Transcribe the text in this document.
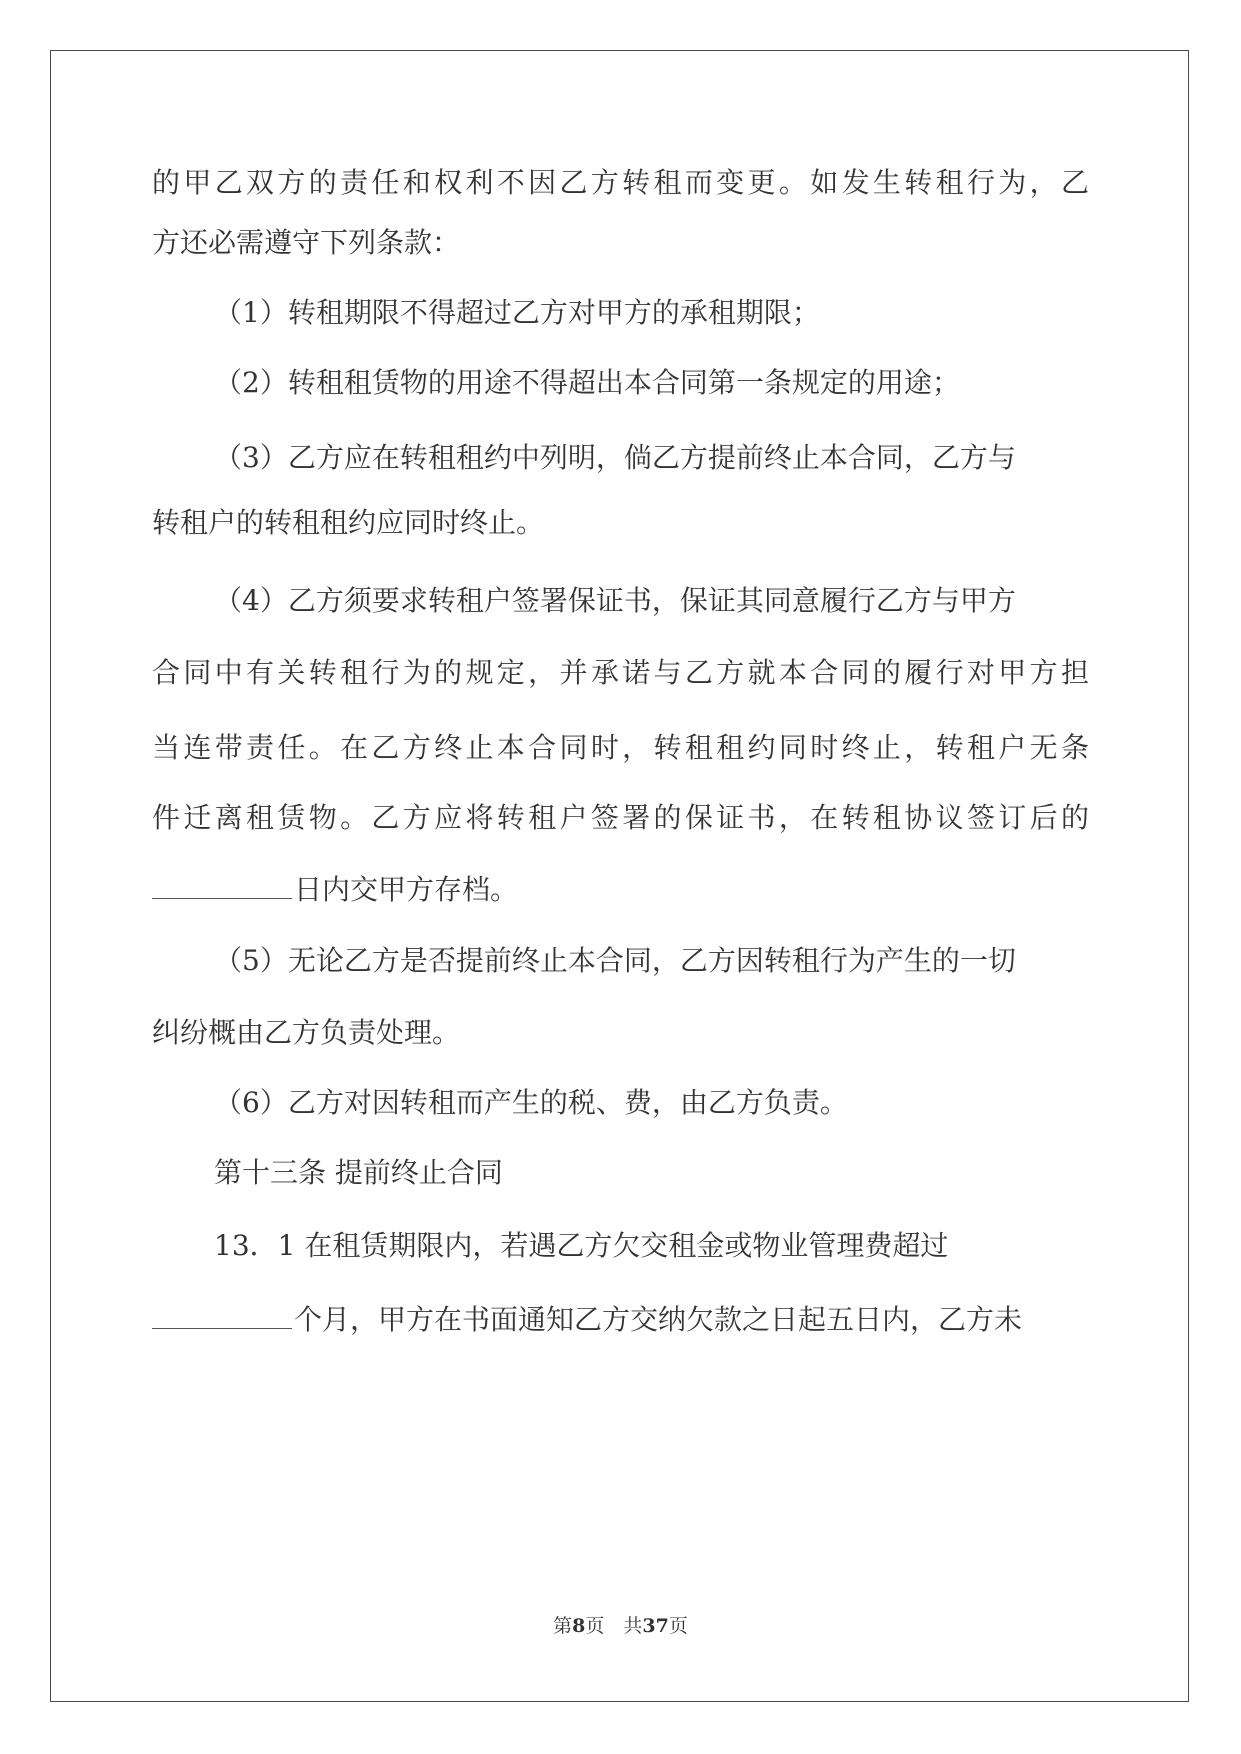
的 甲 乙 双 方 的 责 任 和 权 利 不 因 乙 方 转 租 而 变 更 。 如 发 生 转 租 行 为 ， 乙
方还必需遵守下列条款：
（1）转租期限不得超过乙方对甲方的承租期限；
（2）转租租赁物的用途不得超出本合同第一条规定的用途；
（3）乙方应在转租租约中列明，倘乙方提前终止本合同，乙方与
转租户的转租租约应同时终止。
（4）乙方须要求转租户签署保证书，保证其同意履行乙方与甲方
合 同 中 有 关 转 租 行 为 的 规 定 ， 并 承 诺 与 乙 方 就 本 合 同 的 履 行 对 甲 方 担
当 连 带 责 任 。 在 乙 方 终 止 本 合 同 时 ， 转 租 租 约 同 时 终 止 ， 转 租 户 无 条
件 迁 离 租 赁 物 。 乙 方 应 将 转 租 户 签 署 的 保 证 书 ， 在 转 租 协 议 签 订 后 的
日内交甲方存档。
（5）无论乙方是否提前终止本合同，乙方因转租行为产生的一切
纠纷概由乙方负责处理。
（6）乙方对因转租而产生的税、费，由乙方负责。
第十三条 提前终止合同
13．1 在租赁期限内，若遇乙方欠交租金或物业管理费超过
个月，甲方在书面通知乙方交纳欠款之日起五日内，乙方未
第8页　共37页
